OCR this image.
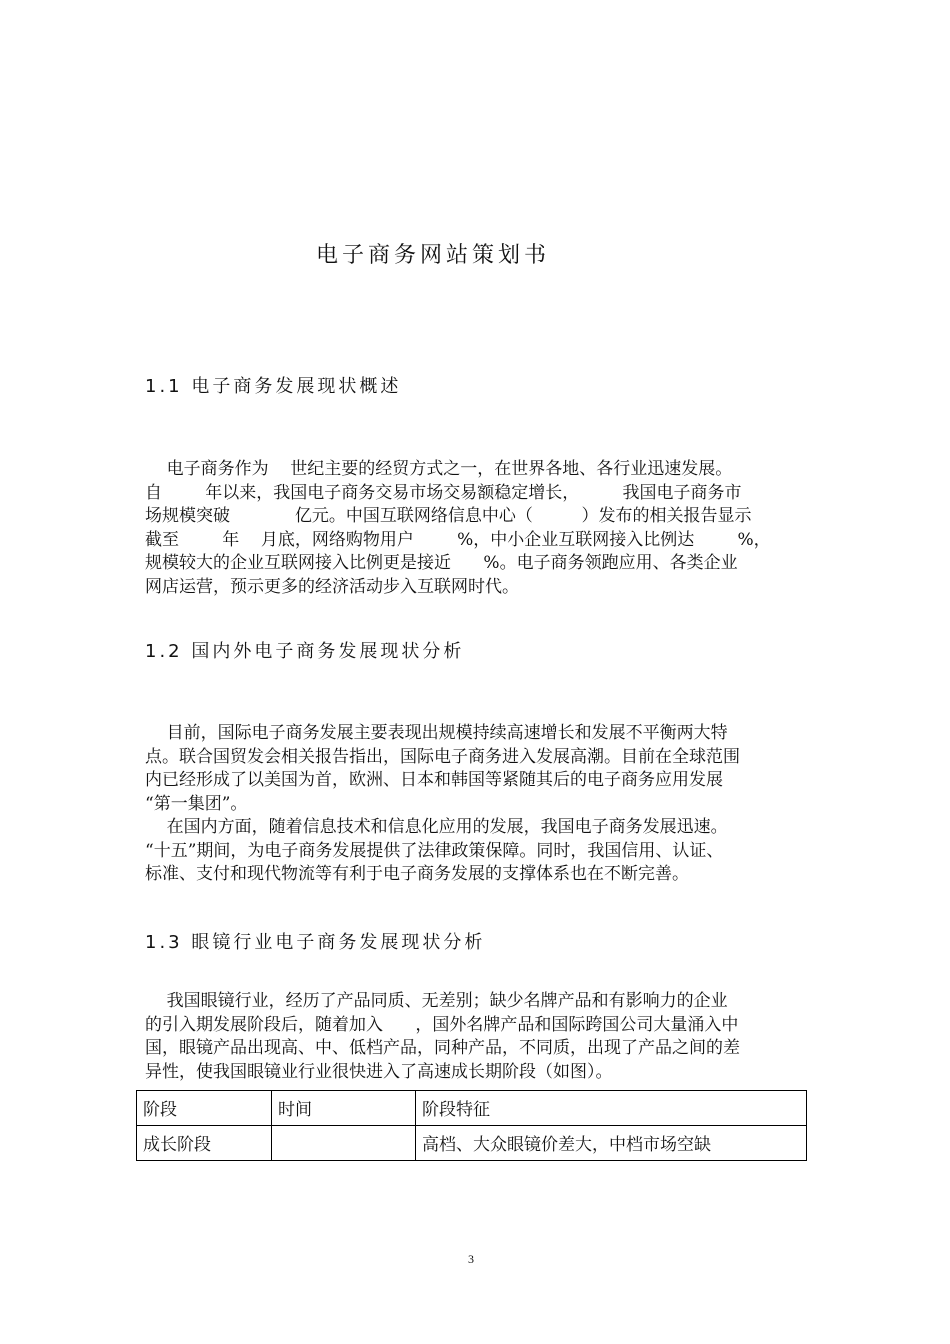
电子商务网站策划书
1.1 电子商务发展现状概述
电子商务作为    世纪主要的经贸方式之一，在世界各地、各行业迅速发展。
自        年以来，我国电子商务交易市场交易额稳定增长，        我国电子商务市
场规模突破            亿元。中国互联网络信息中心（         ）发布的相关报告显示
截至        年    月底，网络购物用户        %，中小企业互联网接入比例达        %，
规模较大的企业互联网接入比例更是接近      %。电子商务领跑应用、各类企业
网店运营，预示更多的经济活动步入互联网时代。
1.2 国内外电子商务发展现状分析
目前，国际电子商务发展主要表现出规模持续高速增长和发展不平衡两大特
点。联合国贸发会相关报告指出，国际电子商务进入发展高潮。目前在全球范围
内已经形成了以美国为首，欧洲、日本和韩国等紧随其后的电子商务应用发展
“第一集团”。
在国内方面，随着信息技术和信息化应用的发展，我国电子商务发展迅速。
“十五”期间，为电子商务发展提供了法律政策保障。同时，我国信用、认证、
标准、支付和现代物流等有利于电子商务发展的支撑体系也在不断完善。
1.3 眼镜行业电子商务发展现状分析
我国眼镜行业，经历了产品同质、无差别；缺少名牌产品和有影响力的企业
的引入期发展阶段后，随着加入      ，国外名牌产品和国际跨国公司大量涌入中
国，眼镜产品出现高、中、低档产品，同种产品，不同质，出现了产品之间的差
异性，使我国眼镜业行业很快进入了高速成长期阶段（如图）。
阶段	时间	阶段特征
成长阶段		高档、大众眼镜价差大，中档市场空缺
3
